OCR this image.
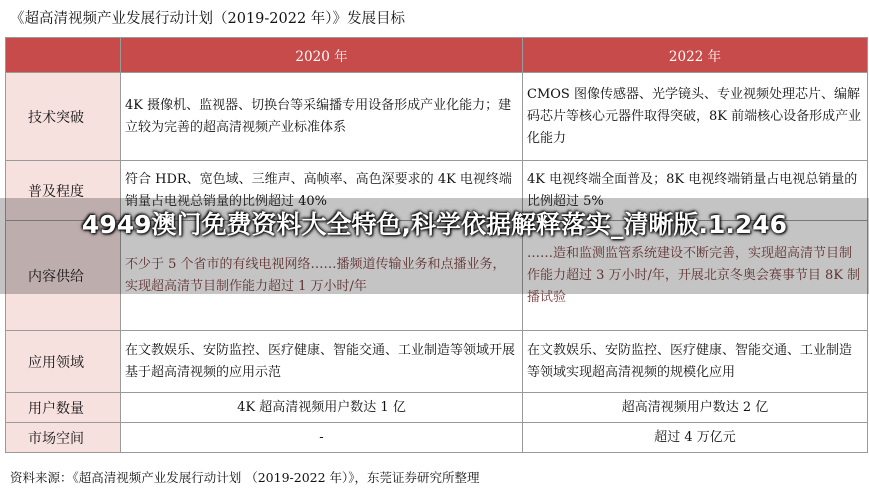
《超高清视频产业发展行动计划（2019-2022 年）》发展目标
	2020 年	2022 年
技术突破	4K 摄像机、监视器、切换台等采编播专用设备形成产业化能力；建立较为完善的超高清视频产业标准体系	CMOS 图像传感器、光学镜头、专业视频处理芯片、编解码芯片等核心元器件取得突破，8K 前端核心设备形成产业化能力
普及程度	符合 HDR、宽色域、三维声、高帧率、高色深要求的 4K 电视终端销量占电视总销量的比例超过 40%	4K 电视终端全面普及；8K 电视终端销量占电视总销量的比例超过 5%
内容供给	不少于 5 个省市的有线电视网络……播频道传输业务和点播业务，实现超高清节目制作能力超过 1 万小时/年	……造和监测监管系统建设不断完善，实现超高清节目制作能力超过 3 万小时/年，开展北京冬奥会赛事节目 8K 制播试验
应用领域	在文教娱乐、安防监控、医疗健康、智能交通、工业制造等领域开展基于超高清视频的应用示范	在文教娱乐、安防监控、医疗健康、智能交通、工业制造等领域实现超高清视频的规模化应用
用户数量	4K 超高清视频用户数达 1 亿	超高清视频用户数达 2 亿
市场空间	-	超过 4 万亿元
资料来源：《超高清视频产业发展行动计划 （2019-2022 年）》，东莞证券研究所整理
4949澳门免费资料大全特色,科学依据解释落实_清晰版.1.246
